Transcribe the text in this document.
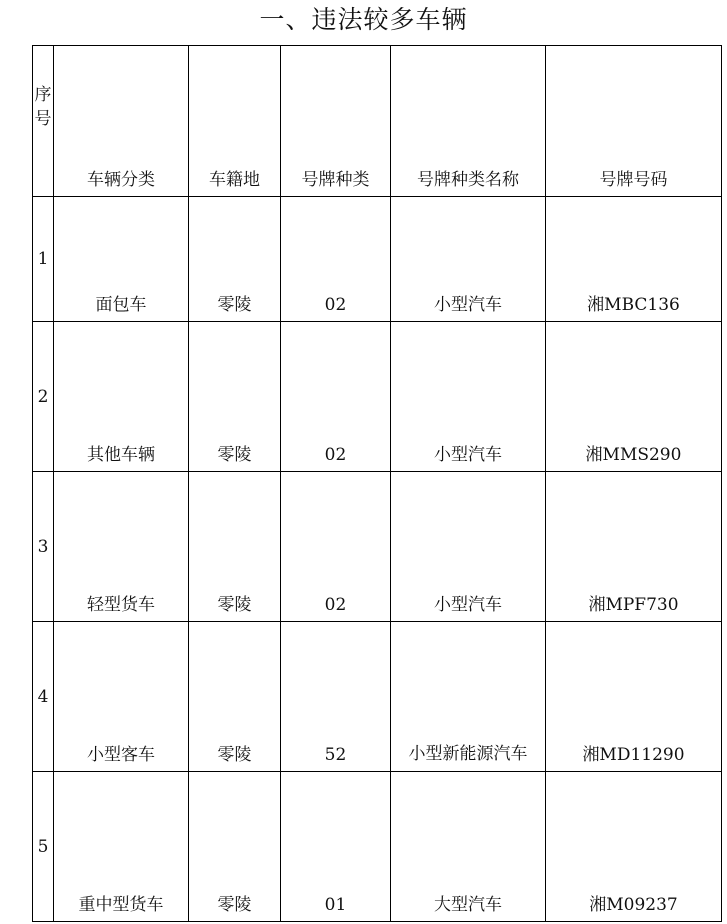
一、违法较多车辆
序号	车辆分类	车籍地	号牌种类	号牌种类名称	号牌号码

1	面包车	零陵	02	小型汽车	湘MBC136

2	其他车辆	零陵	02	小型汽车	湘MMS290

3	轻型货车	零陵	02	小型汽车	湘MPF730

4	小型客车	零陵	52	小型新能源汽车	湘MD11290

5	重中型货车	零陵	01	大型汽车	湘M09237
